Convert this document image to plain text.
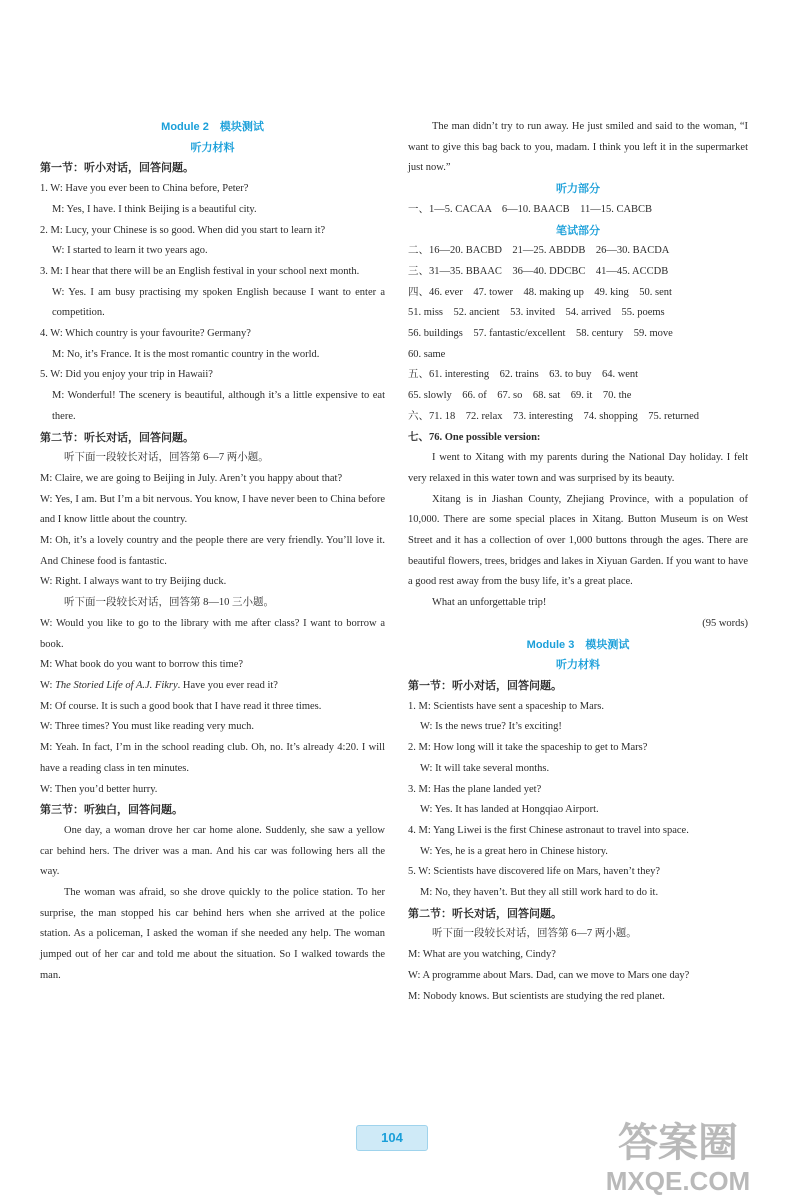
Module 2　模块测试

听力材料

第一节：听小对话，回答问题。

1. W: Have you ever been to China before, Peter?

M: Yes, I have. I think Beijing is a beautiful city.

2. M: Lucy, your Chinese is so good. When did you start to learn it?

W: I started to learn it two years ago.

3. M: I hear that there will be an English festival in your school next month.

W: Yes. I am busy practising my spoken English because I want to enter a competition.

4. W: Which country is your favourite? Germany?

M: No, it’s France. It is the most romantic country in the world.

5. W: Did you enjoy your trip in Hawaii?

M: Wonderful! The scenery is beautiful, although it’s a little expensive to eat there.

第二节：听长对话，回答问题。

听下面一段较长对话，回答第 6—7 两小题。

M: Claire, we are going to Beijing in July. Aren’t you happy about that?

W: Yes, I am. But I’m a bit nervous. You know, I have never been to China before and I know little about the country.

M: Oh, it’s a lovely country and the people there are very friendly. You’ll love it. And Chinese food is fantastic.

W: Right. I always want to try Beijing duck.

听下面一段较长对话，回答第 8—10 三小题。

W: Would you like to go to the library with me after class? I want to borrow a book.

M: What book do you want to borrow this time?

W: The Storied Life of A.J. Fikry. Have you ever read it?

M: Of course. It is such a good book that I have read it three times.

W: Three times? You must like reading very much.

M: Yeah. In fact, I’m in the school reading club. Oh, no. It’s already 4:20. I will have a reading class in ten minutes.

W: Then you’d better hurry.

第三节：听独白，回答问题。

One day, a woman drove her car home alone. Suddenly, she saw a yellow car behind hers. The driver was a man. And his car was following hers all the way.

The woman was afraid, so she drove quickly to the police station. To her surprise, the man stopped his car behind hers when she arrived at the police station. As a policeman, I asked the woman if she needed any help. The woman jumped out of her car and told me about the situation. So I walked towards the man.

The man didn’t try to run away. He just smiled and said to the woman, “I want to give this bag back to you, madam. I think you left it in the supermarket just now.”

听力部分

一、1—5. CACAA　6—10. BAACB　11—15. CABCB

笔试部分

二、16—20. BACBD　21—25. ABDDB　26—30. BACDA

三、31—35. BBAAC　36—40. DDCBC　41—45. ACCDB

四、46. ever　47. tower　48. making up　49. king　50. sent

51. miss　52. ancient　53. invited　54. arrived　55. poems

56. buildings　57. fantastic/excellent　58. century　59. move

60. same

五、61. interesting　62. trains　63. to buy　64. went

65. slowly　66. of　67. so　68. sat　69. it　70. the

六、71. 18　72. relax　73. interesting　74. shopping　75. returned

七、76. One possible version:

I went to Xitang with my parents during the National Day holiday. I felt very relaxed in this water town and was surprised by its beauty.

Xitang is in Jiashan County, Zhejiang Province, with a population of 10,000. There are some special places in Xitang. Button Museum is on West Street and it has a collection of over 1,000 buttons through the ages. There are beautiful flowers, trees, bridges and lakes in Xiyuan Garden. If you want to have a good rest away from the busy life, it’s a great place.

What an unforgettable trip!

(95 words)

Module 3　模块测试

听力材料

第一节：听小对话，回答问题。

1. M: Scientists have sent a spaceship to Mars.

W: Is the news true? It’s exciting!

2. M: How long will it take the spaceship to get to Mars?

W: It will take several months.

3. M: Has the plane landed yet?

W: Yes. It has landed at Hongqiao Airport.

4. M: Yang Liwei is the first Chinese astronaut to travel into space.

W: Yes, he is a great hero in Chinese history.

5. W: Scientists have discovered life on Mars, haven’t they?

M: No, they haven’t. But they all still work hard to do it.

第二节：听长对话，回答问题。

听下面一段较长对话，回答第 6—7 两小题。

M: What are you watching, Cindy?

W: A programme about Mars. Dad, can we move to Mars one day?

M: Nobody knows. But scientists are studying the red planet.

104	答案圈
MXQE.COM
